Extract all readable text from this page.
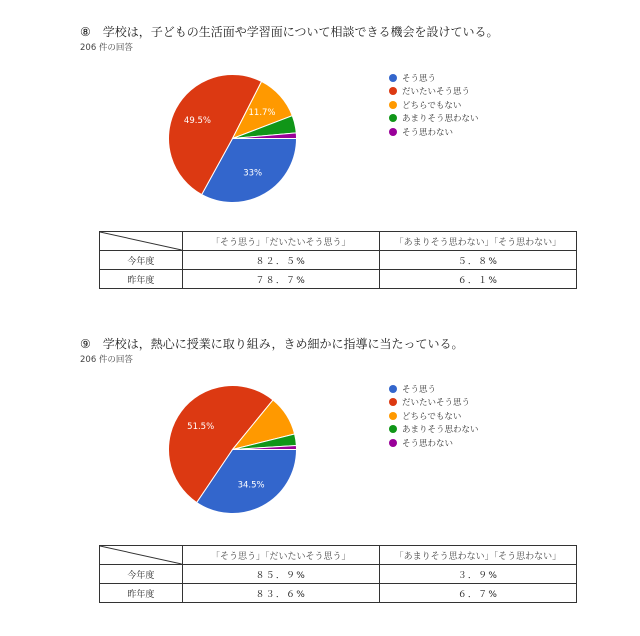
⑧　学校は，子どもの生活面や学習面について相談できる機会を設けている。
206 件の回答
33%
49.5%
11.7%
そう思う
だいたいそう思う
どちらでもない
あまりそう思わない
そう思わない
	「そう思う」「だいたいそう思う」	「あまりそう思わない」「そう思わない」
今年度	８２．５%	５．８%
昨年度	７８．７%	６．１%
⑨　学校は，熱心に授業に取り組み，きめ細かに指導に当たっている。
206 件の回答
34.5%
51.5%
そう思う
だいたいそう思う
どちらでもない
あまりそう思わない
そう思わない
	「そう思う」「だいたいそう思う」	「あまりそう思わない」「そう思わない」
今年度	８５．９%	３．９%
昨年度	８３．６%	６．７%
